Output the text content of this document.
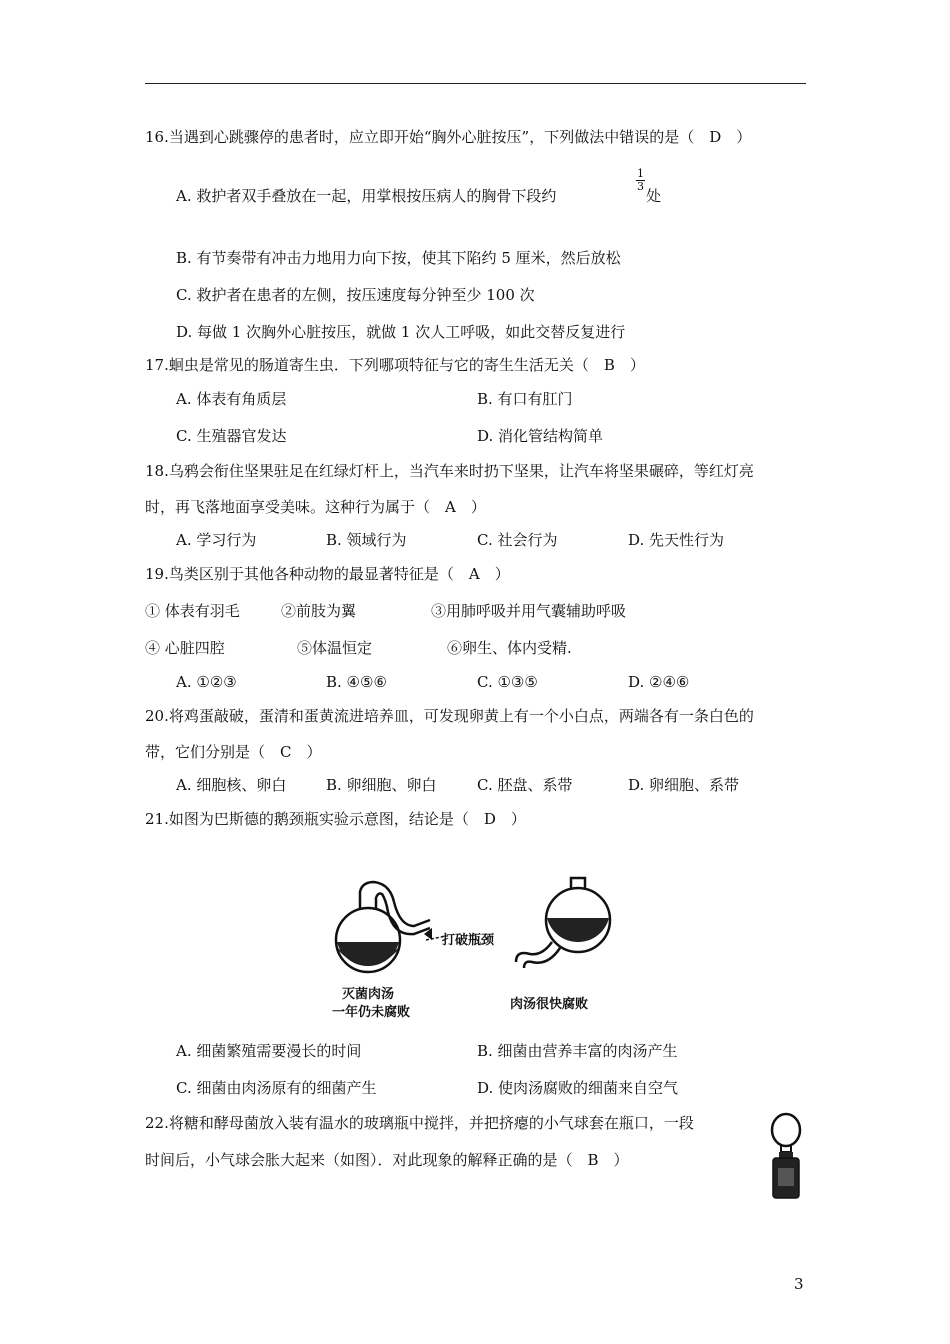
16.当遇到心跳骤停的患者时，应立即开始“胸外心脏按压”，下列做法中错误的是（　D　）
A. 救护者双手叠放在一起，用掌根按压病人的胸骨下段约
$\frac{1}{3}$
处
B. 有节奏带有冲击力地用力向下按，使其下陷约 5 厘米，然后放松
C. 救护者在患者的左侧，按压速度每分钟至少 100 次
D. 每做 1 次胸外心脏按压，就做 1 次人工呼吸，如此交替反复进行
17.蛔虫是常见的肠道寄生虫．下列哪项特征与它的寄生生活无关（　B　）
A. 体表有角质层	B. 有口有肛门
C. 生殖器官发达	D. 消化管结构简单
18.乌鸦会衔住坚果驻足在红绿灯杆上，当汽车来时扔下坚果，让汽车将坚果碾碎，等红灯亮
时，再飞落地面享受美味。这种行为属于（　A　）
A. 学习行为	B. 领域行为	C. 社会行为	D. 先天性行为
19.鸟类区别于其他各种动物的最显著特征是（　A　）
① 体表有羽毛	②前肢为翼	③用肺呼吸并用气囊辅助呼吸
④ 心脏四腔	⑤体温恒定	⑥卵生、体内受精.
A. ①②③	B. ④⑤⑥	C. ①③⑤	D. ②④⑥
20.将鸡蛋敲破，蛋清和蛋黄流进培养皿，可发现卵黄上有一个小白点，两端各有一条白色的
带，它们分别是（　C　）
A. 细胞核、卵白	B. 卵细胞、卵白	C. 胚盘、系带	D. 卵细胞、系带
21.如图为巴斯德的鹅颈瓶实验示意图，结论是（　D　）
灭菌肉汤
一年仍未腐败
打破瓶颈
肉汤很快腐败
A. 细菌繁殖需要漫长的时间	B. 细菌由营养丰富的肉汤产生
C. 细菌由肉汤原有的细菌产生	D. 使肉汤腐败的细菌来自空气
22.将糖和酵母菌放入装有温水的玻璃瓶中搅拌，并把挤瘪的小气球套在瓶口，一段
时间后，小气球会胀大起来（如图）．对此现象的解释正确的是（　B　）
3
